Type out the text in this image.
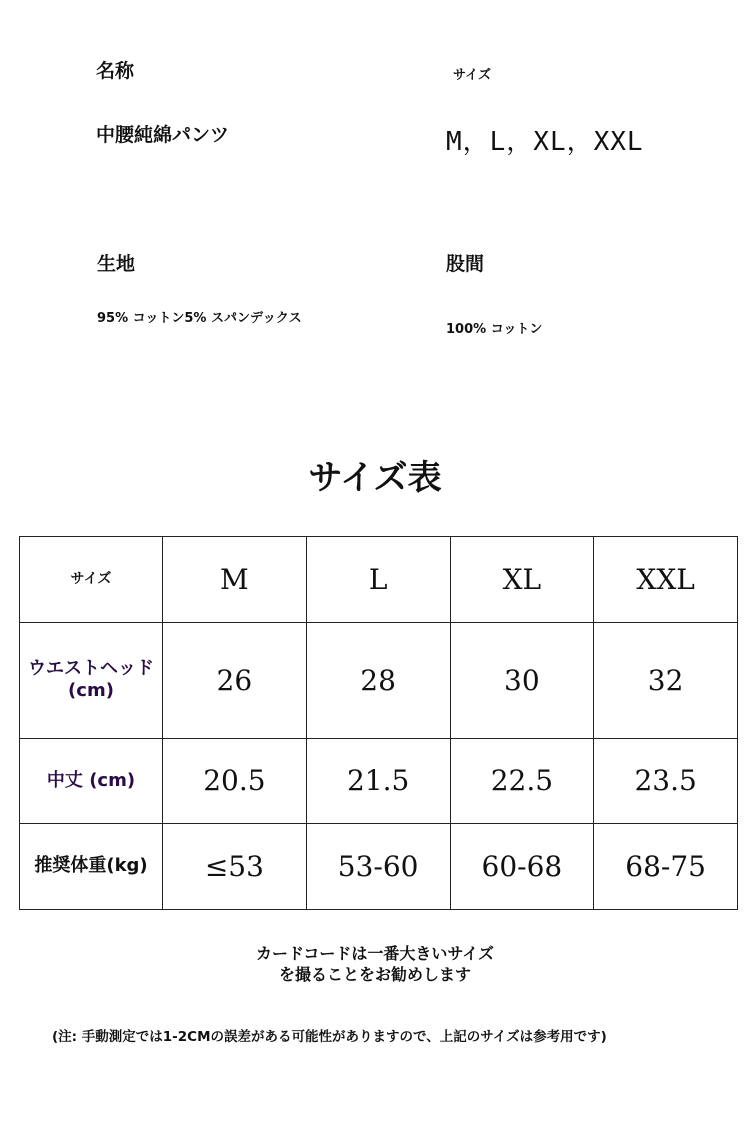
名称	サイズ
中腰純綿パンツ	M，L，XL，XXL
生地	股間
95% コットン5% スパンデックス
100% コットン
サイズ表
サイズ	M	L	XL	XXL
ウエストヘッド (cm)	26	28	30	32
中丈 (cm)	20.5	21.5	22.5	23.5
推奨体重(kg)	≤53	53-60	60-68	68-75
カードコードは一番大きいサイズ
を撮ることをお勧めします
(注: 手動測定では1-2CMの誤差がある可能性がありますので、上記のサイズは参考用です)
